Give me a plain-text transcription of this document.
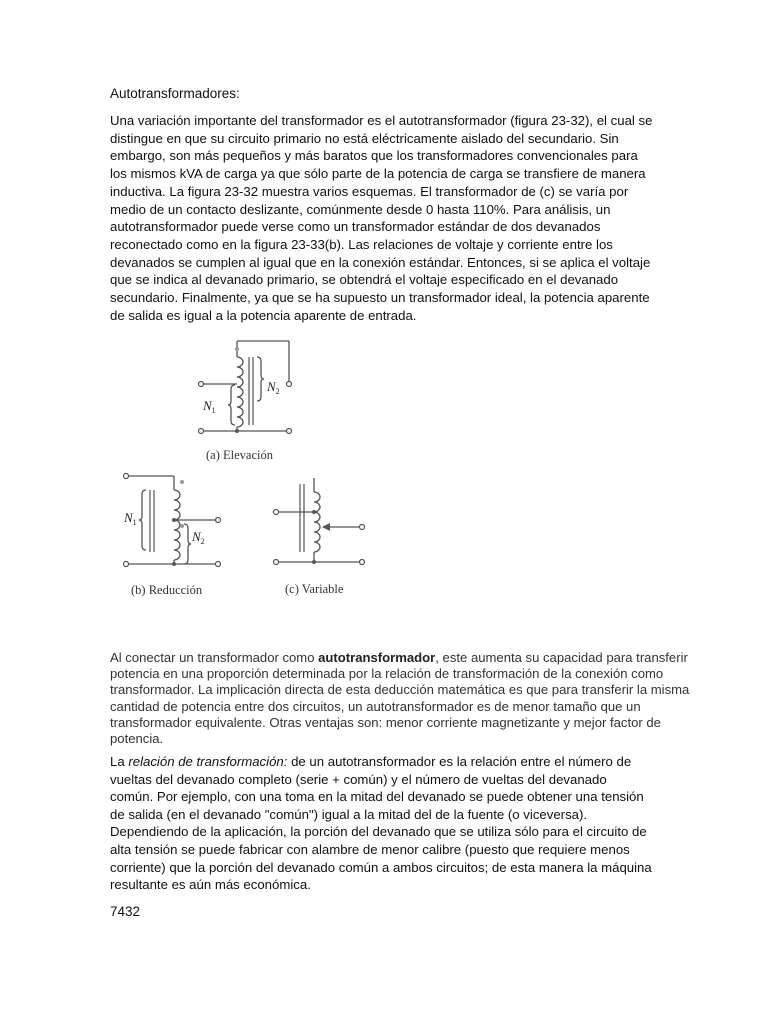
Autotransformadores:
Una variación importante del transformador es el autotransformador (figura 23-32), el cual se distingue en que su circuito primario no está eléctricamente aislado del secundario. Sin embargo, son más pequeños y más baratos que los transformadores convencionales para los mismos kVA de carga ya que sólo parte de la potencia de carga se transfiere de manera inductiva. La figura 23-32 muestra varios esquemas. El transformador de (c) se varía por medio de un contacto deslizante, comúnmente desde 0 hasta 110%. Para análisis, un autotransformador puede verse como un transformador estándar de dos devanados reconectado como en la figura 23-33(b). Las relaciones de voltaje y corriente entre los devanados se cumplen al igual que en la conexión estándar. Entonces, si se aplica el voltaje que se indica al devanado primario, se obtendrá el voltaje especificado en el devanado secundario. Finalmente, ya que se ha supuesto un transformador ideal, la potencia aparente de salida es igual a la potencia aparente de entrada.
$N_2$
$N_1$
(a) Elevación
$N_1$
$N_2$
(b) Reducción	(c) Variable
Al conectar un transformador como autotransformador, este aumenta su capacidad para transferir potencia en una proporción determinada por la relación de transformación de la conexión como transformador. La implicación directa de esta deducción matemática es que para transferir la misma cantidad de potencia entre dos circuitos, un autotransformador es de menor tamaño que un transformador equivalente. Otras ventajas son: menor corriente magnetizante y mejor factor de potencia.
La relación de transformación: de un autotransformador es la relación entre el número de vueltas del devanado completo (serie + común) y el número de vueltas del devanado común. Por ejemplo, con una toma en la mitad del devanado se puede obtener una tensión de salida (en el devanado "común") igual a la mitad del de la fuente (o viceversa). Dependiendo de la aplicación, la porción del devanado que se utiliza sólo para el circuito de alta tensión se puede fabricar con alambre de menor calibre (puesto que requiere menos corriente) que la porción del devanado común a ambos circuitos; de esta manera la máquina resultante es aún más económica.
7432
